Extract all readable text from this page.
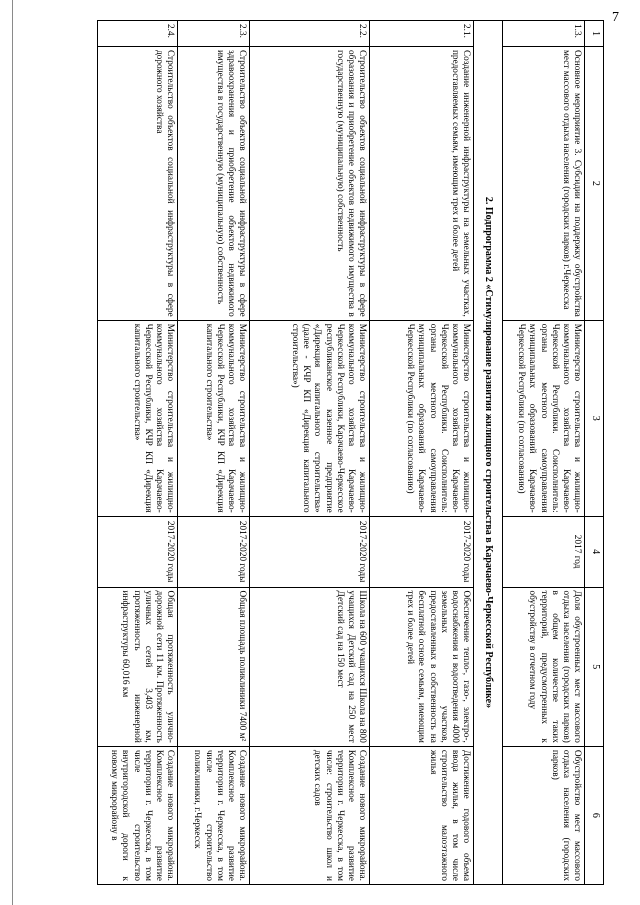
7
1	2	3	4	5	6
1.3.	Основное мероприятие 3. Субсидии на поддержку обустройства мест массового отдыха населения (городских парков) г.Черкесска	Министерство строительства и жилищно-коммунального хозяйства Карачаево-Черкесской Республики. Соисполнитель: органы местного самоуправления муниципальных образований Карачаево-Черкесской Республики (по согласованию)	2017 год	Доля обустроенных мест массового отдыха населения (городских парков) в общем количестве таких территорий, предусмотренных к обустройству в отчетном году	Обустройство мест массового отдыха населения (городских парков)
2. Подпрограмма 2 «Стимулирование развития жилищного строительства в Карачаево-Черкесской Республике»					
2.1.	Создание инженерной инфраструктуры на земельных участках, предоставляемых семьям, имеющим трех и более детей	Министерство строительства и жилищно-коммунального хозяйства Карачаево-Черкесской Республики. Соисполнитель: органы местного самоуправления муниципальных образований Карачаево-Черкесской Республики (по согласованию)	2017-2020 годы	Обеспечение тепло-, газо-, электро-, водоснабжения и водоотведения 4000 земельных участков, предоставленных в собственность на бесплатной основе семьям, имеющим трех и более детей	Достижение годового объема ввода жилья, в том числе строительство малоэтажного жилья
2.2.	Строительство объектов социальной инфраструктуры в сфере образования и приобретение объектов недвижимого имущества в государственную (муниципальную) собственность	Министерство строительства и жилищно-коммунального хозяйства Карачаево-Черкесской Республики, Карачаево-Черкесское республиканское казенное предприятие «Дирекция капитального строительства» (далее - КЧР КП «Дирекция капитального строительства»)	2017-2020 годы	Школа на 600 учащихся Школа на 800 учащихся Детский сад на 250 мест Детский сад на 150 мест	Создание нового микрорайона. Комплексное развитие территории г. Черкесска, в том числе: строительство школ и детских садов
2.3.	Строительство объектов социальной инфраструктуры в сфере здравоохранения и приобретение объектов недвижимого имущества в государственную (муниципальную) собственность	Министерство строительства и жилищно-коммунального хозяйства Карачаево-Черкесской Республики, КЧР КП «Дирекция капитального строительства»	2017-2020 годы	Общая площадь поликлиники 7400 м²	Создание нового микрорайона. Комплексное развитие территории г. Черкесска, в том числе строительство поликлиники, г.Черкесск
2.4.	Строительство объектов социальной инфраструктуры в сфере дорожного хозяйства	Министерство строительства и жилищно-коммунального хозяйства Карачаево-Черкесской Республики, КЧР КП «Дирекция капитального строительства»	2017-2020 годы	Общая протяженность улично-дорожной сети 11 км. Протяженность уличных сетей 3,403 км, протяженность инженерной инфраструктуры 60,016 км	Создание нового микрорайона. Комплексное развитие территории г. Черкесска, в том числе строительство внутригородской дороги к новому микрорайону в
